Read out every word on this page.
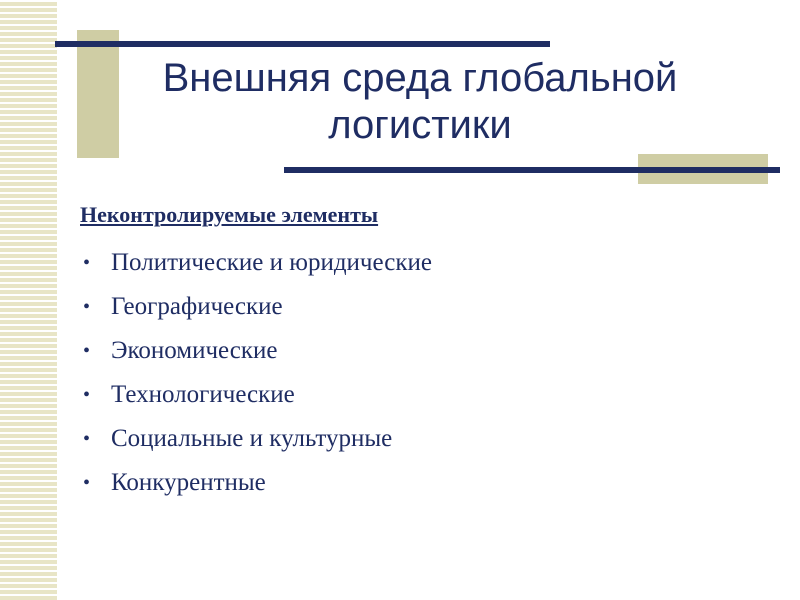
Внешняя среда глобальной логистики

Неконтролируемые элементы

• Политические и юридические
• Географические
• Экономические
• Технологические
• Социальные и культурные
• Конкурентные
